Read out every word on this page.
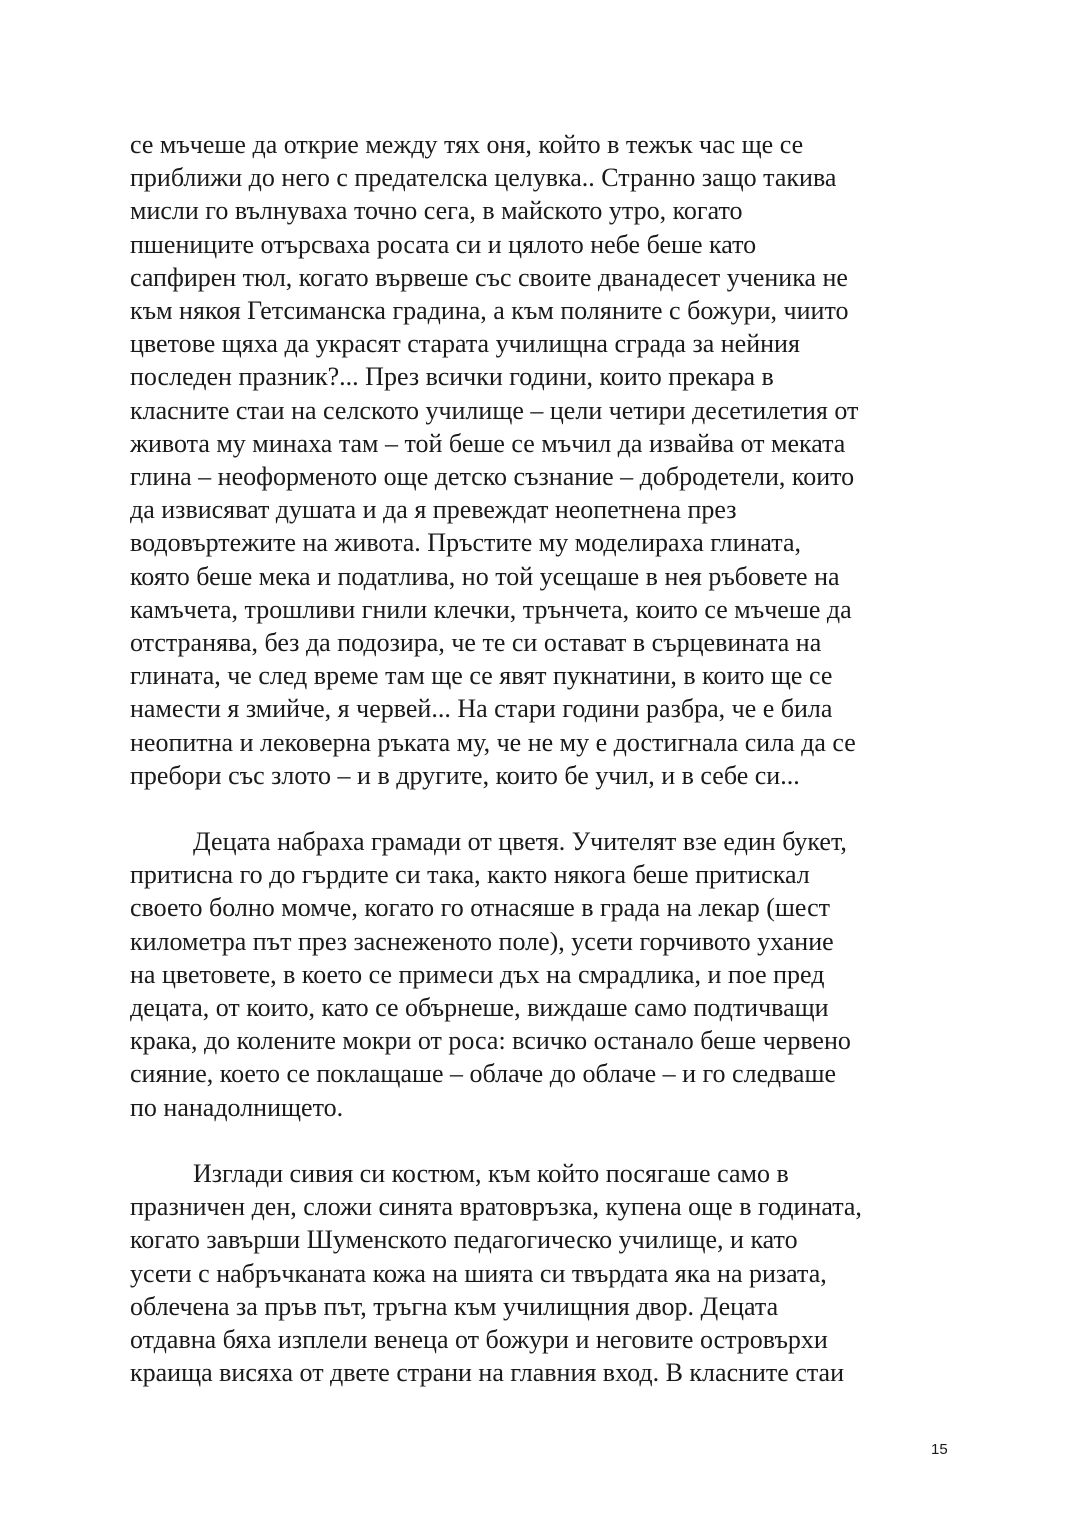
се мъчеше да открие между тях оня, който в тежък час ще се
приближи до него с предателска целувка.. Странно защо такива
мисли го вълнуваха точно сега, в майското утро, когато
пшениците отърсваха росата си и цялото небе беше като
сапфирен тюл, когато вървеше със своите дванадесет ученика не
към някоя Гетсиманска градина, а към поляните с божури, чиито
цветове щяха да украсят старата училищна сграда за нейния
последен празник?... През всички години, които прекара в
класните стаи на селското училище – цели четири десетилетия от
живота му минаха там – той беше се мъчил да извайва от меката
глина – неоформеното още детско съзнание – добродетели, които
да извисяват душата и да я превеждат неопетнена през
водовъртежите на живота. Пръстите му моделираха глината,
която беше мека и податлива, но той усещаше в нея ръбовете на
камъчета, трошливи гнили клечки, трънчета, които се мъчеше да
отстранява, без да подозира, че те си остават в сърцевината на
глината, че след време там ще се явят пукнатини, в които ще се
намести я змийче, я червей... На стари години разбра, че е била
неопитна и лековерна ръката му, че не му е достигнала сила да се
пребори със злото – и в другите, които бе учил, и в себе си...
Децата набраха грамади от цветя. Учителят взе един букет,
притисна го до гърдите си така, както някога беше притискал
своето болно момче, когато го отнасяше в града на лекар (шест
километра път през заснеженото поле), усети горчивото ухание
на цветовете, в което се примеси дъх на смрадлика, и пое пред
децата, от които, като се обърнеше, виждаше само подтичващи
крака, до колените мокри от роса: всичко останало беше червено
сияние, което се поклащаше – облаче до облаче – и го следваше
по нанадолнището.
Изглади сивия си костюм, към който посягаше само в
празничен ден, сложи синята вратовръзка, купена още в годината,
когато завърши Шуменското педагогическо училище, и като
усети с набръчканата кожа на шията си твърдата яка на ризата,
облечена за пръв път, тръгна към училищния двор. Децата
отдавна бяха изплели венеца от божури и неговите островърхи
краища висяха от двете страни на главния вход. В класните стаи
15
